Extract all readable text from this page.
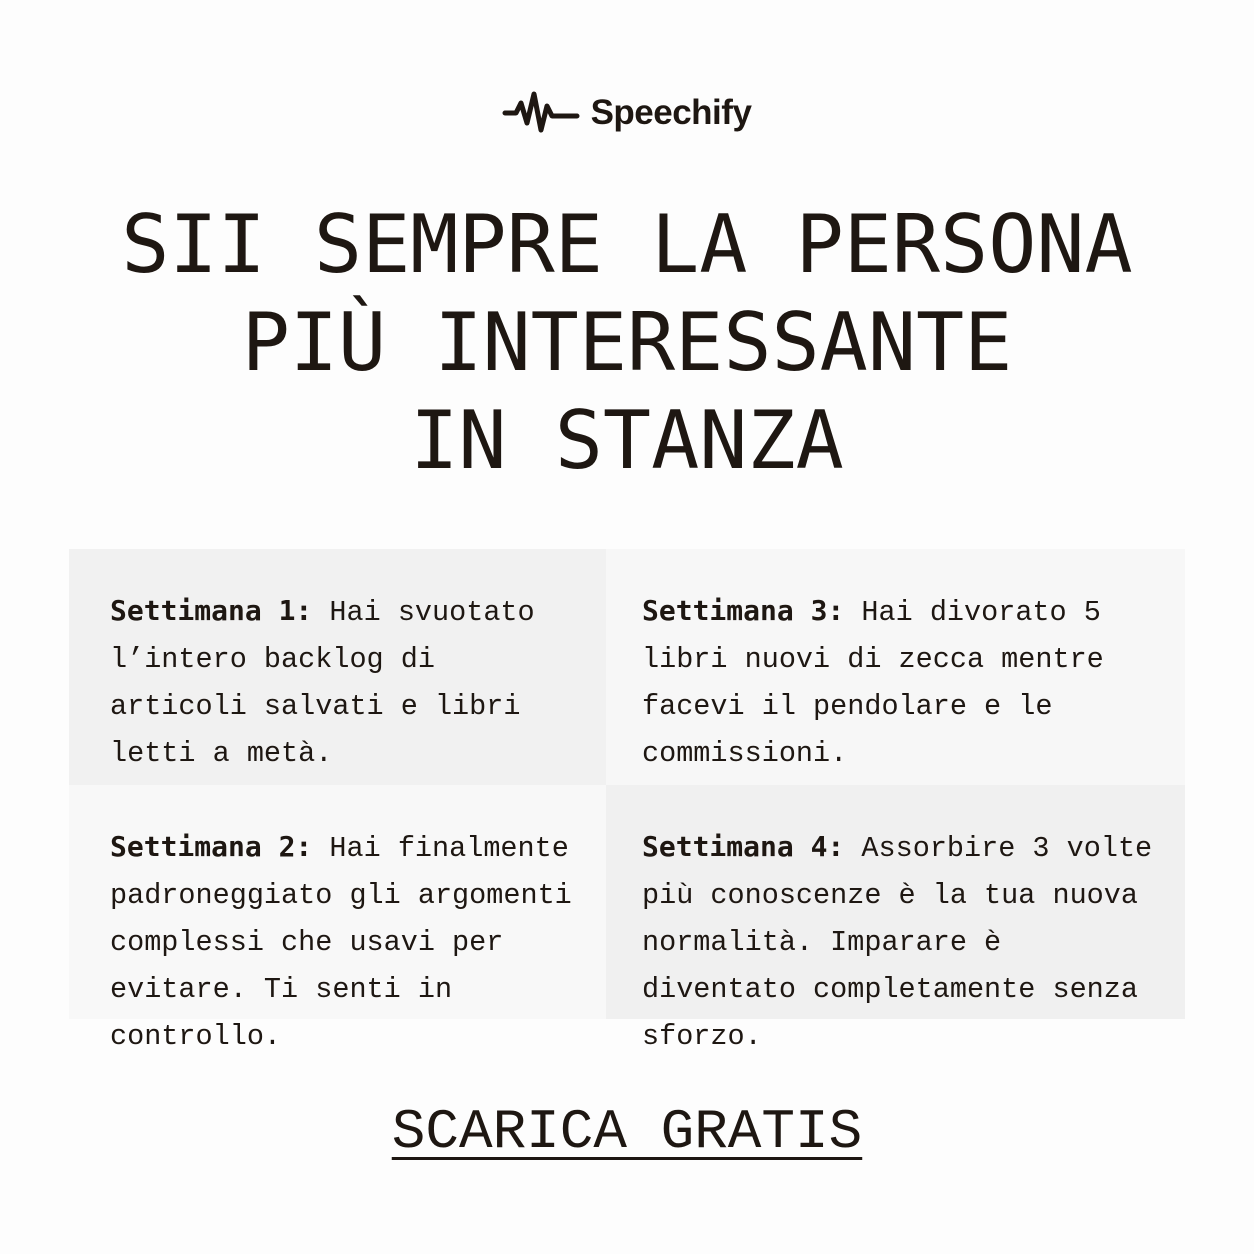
Speechify
SII SEMPRE LA PERSONA
PIÙ INTERESSANTE
IN STANZA
Settimana 1: Hai svuotato l’intero backlog di articoli salvati e libri letti a metà.
Settimana 3: Hai divorato 5 libri nuovi di zecca mentre facevi il pendolare e le commissioni.
Settimana 2: Hai finalmente padroneggiato gli argomenti complessi che usavi per evitare. Ti senti in controllo.
Settimana 4: Assorbire 3 volte più conoscenze è la tua nuova normalità. Imparare è diventato completamente senza sforzo.
SCARICA GRATIS
